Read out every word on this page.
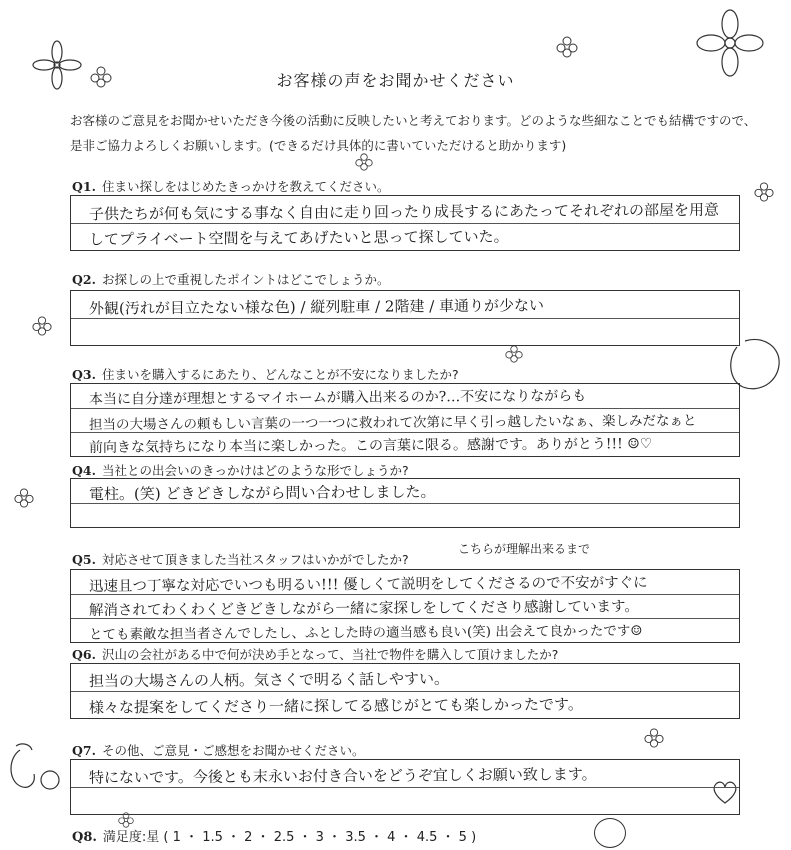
お客様の声をお聞かせください
お客様のご意見をお聞かせいただき今後の活動に反映したいと考えております。どのような些細なことでも結構ですので、是非ご協力よろしくお願いします。(できるだけ具体的に書いていただけると助かります)
Q1. 住まい探しをはじめたきっかけを教えてください。
子供たちが何も気にする事なく自由に走り回ったり成長するにあたってそれぞれの部屋を用意
してプライベート空間を与えてあげたいと思って探していた。
Q2. お探しの上で重視したポイントはどこでしょうか。
外観(汚れが目立たない様な色) / 縦列駐車 / 2階建 / 車通りが少ない
Q3. 住まいを購入するにあたり、どんなことが不安になりましたか?
本当に自分達が理想とするマイホームが購入出来るのか?…不安になりながらも
担当の大場さんの頼もしい言葉の一つ一つに救われて次第に早く引っ越したいなぁ、楽しみだなぁと
前向きな気持ちになり本当に楽しかった。この言葉に限る。感謝です。ありがとう!!! ☺♡
Q4. 当社との出会いのきっかけはどのような形でしょうか?
電柱。(笑) どきどきしながら問い合わせしました。
Q5. 対応させて頂きました当社スタッフはいかがでしたか?
こちらが理解出来るまで
迅速且つ丁寧な対応でいつも明るい!!! 優しくて説明をしてくださるので不安がすぐに
解消されてわくわくどきどきしながら一緒に家探しをしてくださり感謝しています。
とても素敵な担当者さんでしたし、ふとした時の適当感も良い(笑) 出会えて良かったです☺
Q6. 沢山の会社がある中で何が決め手となって、当社で物件を購入して頂けましたか?
担当の大場さんの人柄。気さくで明るく話しやすい。
様々な提案をしてくださり一緒に探してる感じがとても楽しかったです。
Q7. その他、ご意見・ご感想をお聞かせください。
特にないです。今後とも末永いお付き合いをどうぞ宜しくお願い致します。
Q8. 満足度:星 ( 1 ・ 1.5 ・ 2 ・ 2.5 ・ 3 ・ 3.5 ・ 4 ・ 4.5 ・ 5 )
